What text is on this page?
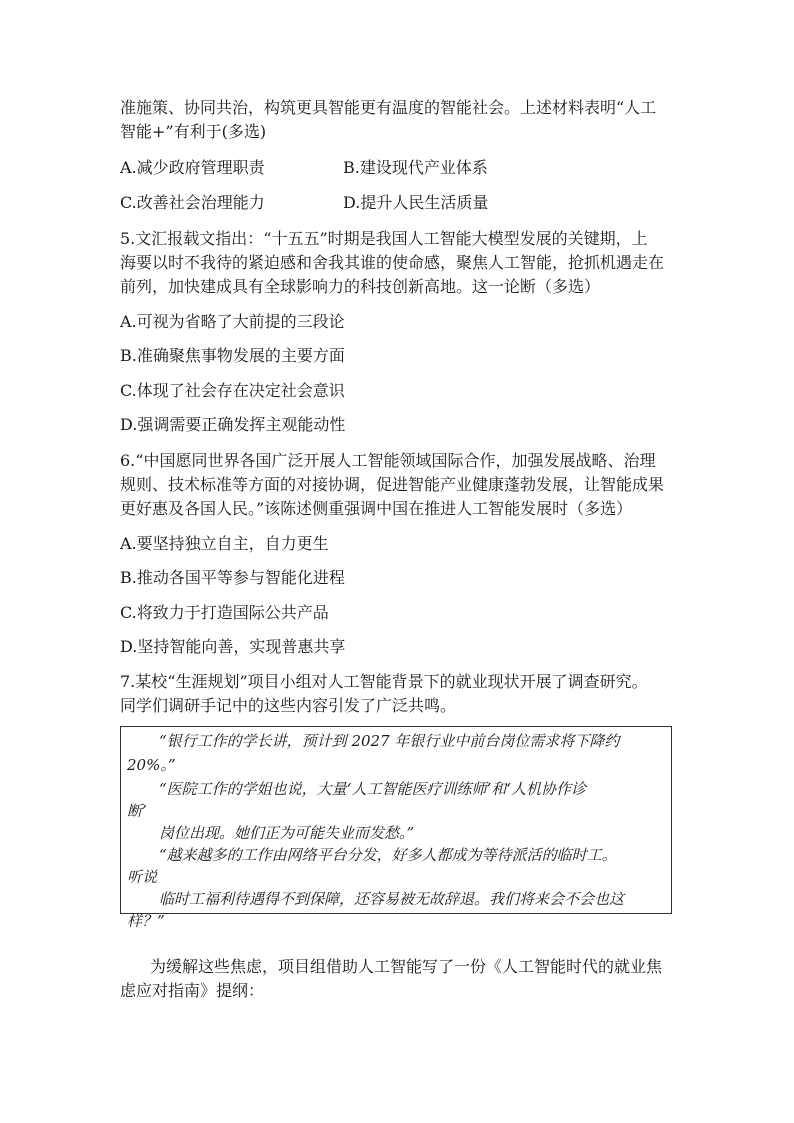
准施策、协同共治，构筑更具智能更有温度的智能社会。上述材料表明“人工
智能+”有利于(多选)
A.减少政府管理职责	B.建设现代产业体系
C.改善社会治理能力	D.提升人民生活质量
5.文汇报载文指出：“十五五”时期是我国人工智能大模型发展的关键期，上
海要以时不我待的紧迫感和舍我其谁的使命感，聚焦人工智能，抢抓机遇走在
前列，加快建成具有全球影响力的科技创新高地。这一论断（多选）
A.可视为省略了大前提的三段论
B.准确聚焦事物发展的主要方面
C.体现了社会存在决定社会意识
D.强调需要正确发挥主观能动性
6.“中国愿同世界各国广泛开展人工智能领域国际合作，加强发展战略、治理
规则、技术标准等方面的对接协调，促进智能产业健康蓬勃发展，让智能成果
更好惠及各国人民。”该陈述侧重强调中国在推进人工智能发展时（多选）
A.要坚持独立自主，自力更生
B.推动各国平等参与智能化进程
C.将致力于打造国际公共产品
D.坚持智能向善，实现普惠共享
7.某校“生涯规划”项目小组对人工智能背景下的就业现状开展了调查研究。
同学们调研手记中的这些内容引发了广泛共鸣。
“银行工作的学长讲，预计到 2027 年银行业中前台岗位需求将下降约
20%。”
“医院工作的学姐也说，大量‘人工智能医疗训练师’和‘人机协作诊
断’
岗位出现。她们正为可能失业而发愁。”
“越来越多的工作由网络平台分发，好多人都成为等待派活的临时工。
听说
临时工福利待遇得不到保障，还容易被无故辞退。我们将来会不会也这
样？”
为缓解这些焦虑，项目组借助人工智能写了一份《人工智能时代的就业焦
虑应对指南》提纲：
